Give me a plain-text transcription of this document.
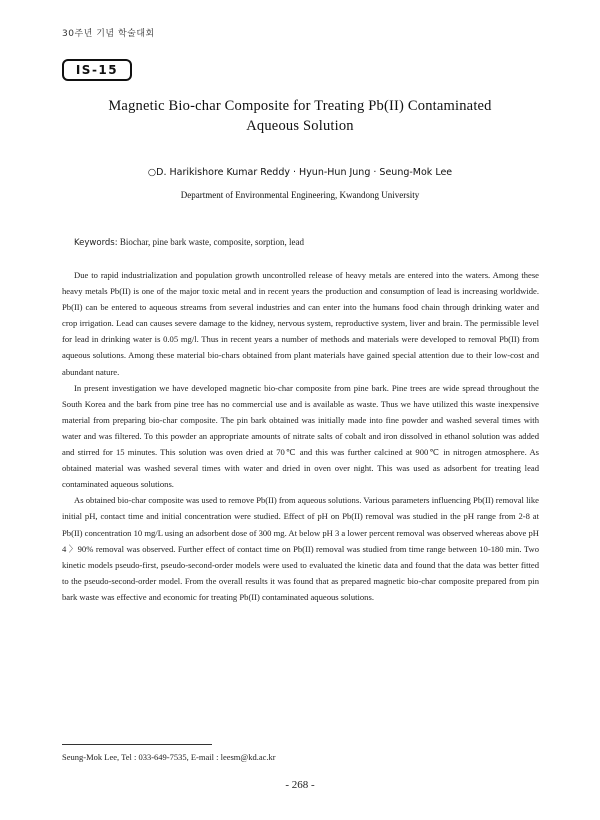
30주년 기념 학술대회
IS-15
Magnetic Bio-char Composite for Treating Pb(II) Contaminated
Aqueous Solution
○D. Harikishore Kumar Reddy · Hyun-Hun Jung · Seung-Mok Lee
Department of Environmental Engineering, Kwandong University
Keywords: Biochar, pine bark waste, composite, sorption, lead

Due to rapid industrialization and population growth uncontrolled release of heavy metals are entered into the waters. Among these heavy metals Pb(II) is one of the major toxic metal and in recent years the production and consumption of lead is increasing worldwide. Pb(II) can be entered to aqueous streams from several industries and can enter into the humans food chain through drinking water and crop irrigation. Lead can causes severe damage to the kidney, nervous system, reproductive system, liver and brain. The permissible level for lead in drinking water is 0.05 mg/l. Thus in recent years a number of methods and materials were developed to removal Pb(II) from aqueous solutions. Among these material bio-chars obtained from plant materials have gained special attention due to their low-cost and abundant nature.

In present investigation we have developed magnetic bio-char composite from pine bark. Pine trees are wide spread throughout the South Korea and the bark from pine tree has no commercial use and is available as waste. Thus we have utilized this waste inexpensive material from preparing bio-char composite. The pin bark obtained was initially made into fine powder and washed several times with water and was filtered. To this powder an appropriate amounts of nitrate salts of cobalt and iron dissolved in ethanol solution was added and stirred for 15 minutes. This solution was oven dried at 70℃ and this was further calcined at 900℃ in nitrogen atmosphere. As obtained material was washed several times with water and dried in oven over night. This was used as adsorbent for treating lead contaminated aqueous solutions.

As obtained bio-char composite was used to remove Pb(II) from aqueous solutions. Various parameters influencing Pb(II) removal like initial pH, contact time and initial concentration were studied. Effect of pH on Pb(II) removal was studied in the pH range from 2-8 at Pb(II) concentration 10 mg/L using an adsorbent dose of 300 mg. At below pH 3 a lower percent removal was observed whereas above pH 4 〉90% removal was observed. Further effect of contact time on Pb(II) removal was studied from time range between 10-180 min. Two kinetic models pseudo-first, pseudo-second-order models were used to evaluated the kinetic data and found that the data was better fitted to the pseudo-second-order model. From the overall results it was found that as prepared magnetic bio-char composite prepared from pin bark waste was effective and economic for treating Pb(II) contaminated aqueous solutions.

Seung-Mok Lee, Tel : 033-649-7535, E-mail : leesm@kd.ac.kr
- 268 -
